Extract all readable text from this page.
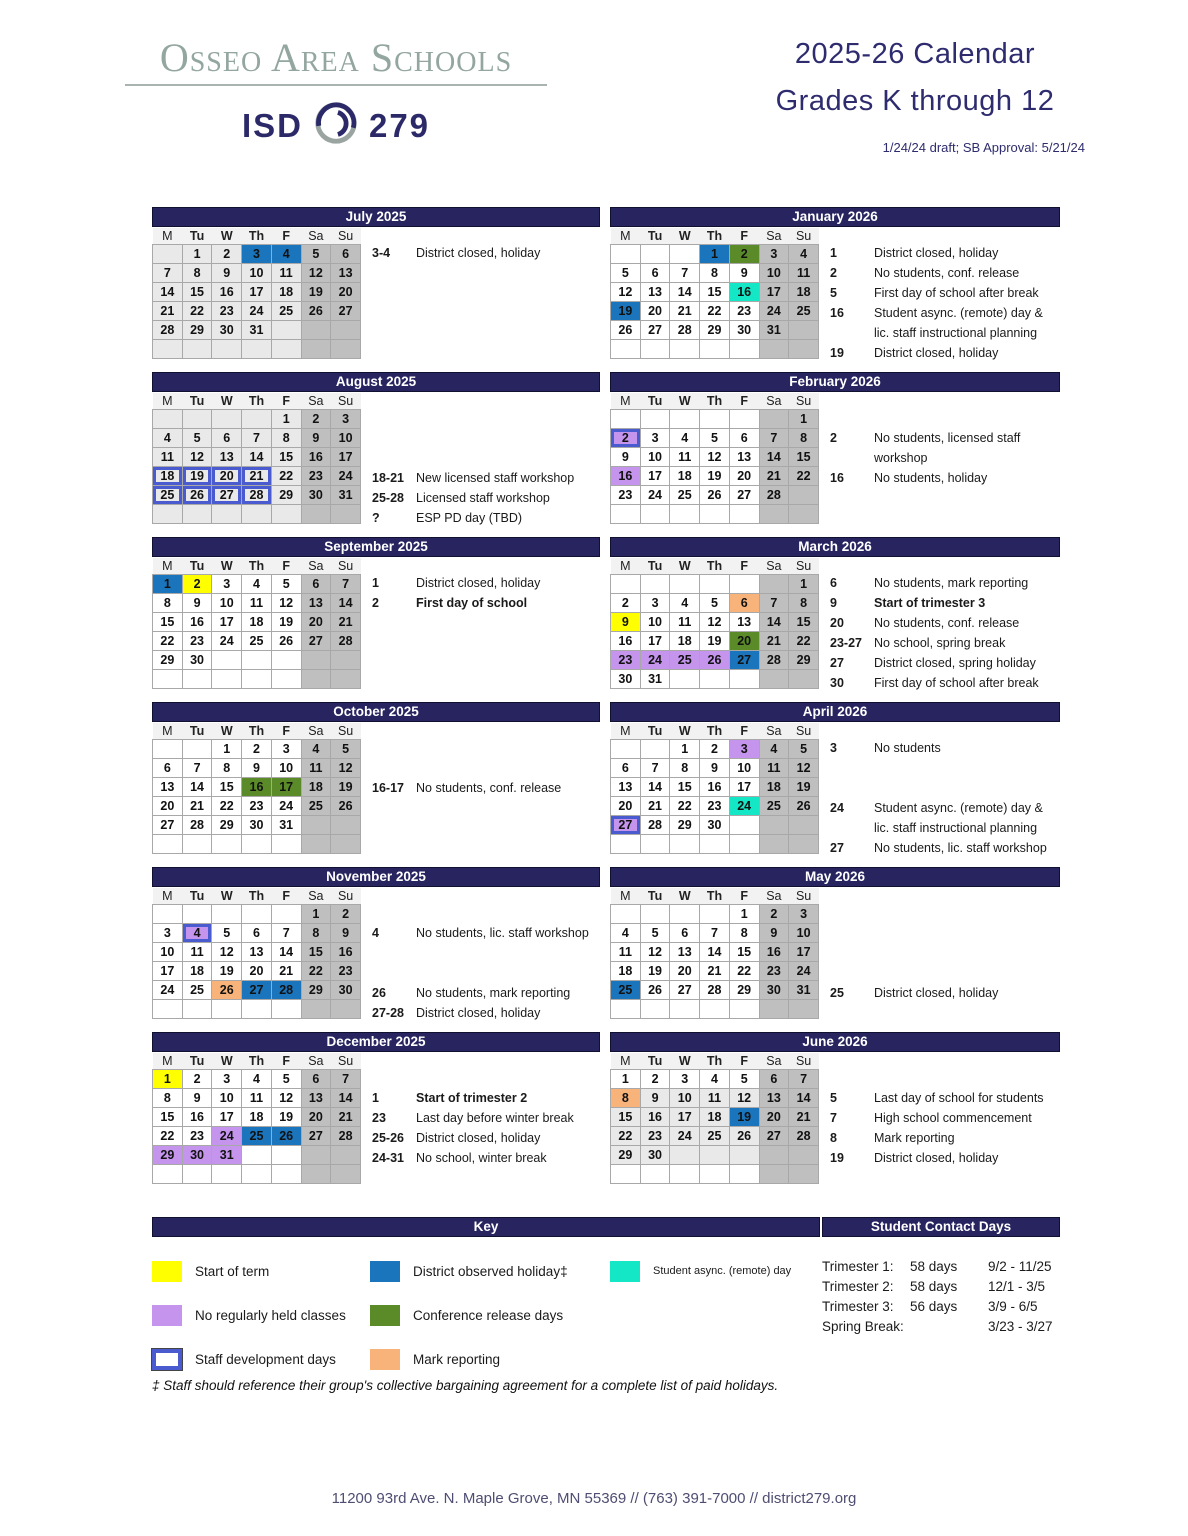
Osseo Area Schools
ISD 279
2025-26 Calendar
Grades K through 12
1/24/24 draft; SB Approval: 5/21/24
July 2025
M	Tu	W	Th	F	Sa	Su
	1	2	3	4	5	6
7	8	9	10	11	12	13
14	15	16	17	18	19	20
21	22	23	24	25	26	27
28	29	30	31			

3-4	District closed, holiday
January 2026
M	Tu	W	Th	F	Sa	Su
			1	2	3	4
5	6	7	8	9	10	11
12	13	14	15	16	17	18
19	20	21	22	23	24	25
26	27	28	29	30	31	

1	District closed, holiday
2	No students, conf. release
5	First day of school after break
16	Student async. (remote) day &
lic. staff instructional planning
19	District closed, holiday
August 2025
M	Tu	W	Th	F	Sa	Su
				1	2	3
4	5	6	7	8	9	10
11	12	13	14	15	16	17
18	19	20	21	22	23	24
25	26	27	28	29	30	31

18-21 New licensed staff workshop
25-28 Licensed staff workshop
?	ESP PD day (TBD)
February 2026
M	Tu	W	Th	F	Sa	Su
						1
2	3	4	5	6	7	8
9	10	11	12	13	14	15
16	17	18	19	20	21	22
23	24	25	26	27	28	

2	No students, licensed staff
workshop
16	No students, holiday
September 2025
M	Tu	W	Th	F	Sa	Su
1	2	3	4	5	6	7
8	9	10	11	12	13	14
15	16	17	18	19	20	21
22	23	24	25	26	27	28
29	30					

1	District closed, holiday
2	First day of school
March 2026
M	Tu	W	Th	F	Sa	Su
						1
2	3	4	5	6	7	8
9	10	11	12	13	14	15
16	17	18	19	20	21	22
23	24	25	26	27	28	29
30	31					
6	No students, mark reporting
9	Start of trimester 3
20	No students, conf. release
23-27 No school, spring break
27	District closed, spring holiday
30	First day of school after break
October 2025
M	Tu	W	Th	F	Sa	Su
		1	2	3	4	5
6	7	8	9	10	11	12
13	14	15	16	17	18	19
20	21	22	23	24	25	26
27	28	29	30	31		

16-17 No students, conf. release
April 2026
M	Tu	W	Th	F	Sa	Su
		1	2	3	4	5
6	7	8	9	10	11	12
13	14	15	16	17	18	19
20	21	22	23	24	25	26
27	28	29	30			

3	No students
24	Student async. (remote) day &
lic. staff instructional planning
27	No students, lic. staff workshop
November 2025
M	Tu	W	Th	F	Sa	Su
					1	2
3	4	5	6	7	8	9
10	11	12	13	14	15	16
17	18	19	20	21	22	23
24	25	26	27	28	29	30

4	No students, lic. staff workshop
26	No students, mark reporting
27-28 District closed, holiday
May 2026
M	Tu	W	Th	F	Sa	Su
				1	2	3
4	5	6	7	8	9	10
11	12	13	14	15	16	17
18	19	20	21	22	23	24
25	26	27	28	29	30	31
						25	District closed, holiday
December 2025
M	Tu	W	Th	F	Sa	Su
1	2	3	4	5	6	7
8	9	10	11	12	13	14
15	16	17	18	19	20	21
22	23	24	25	26	27	28
29	30	31				

1	Start of trimester 2
23	Last day before winter break
25-26 District closed, holiday
24-31 No school, winter break
June 2026
M	Tu	W	Th	F	Sa	Su
1	2	3	4	5	6	7
8	9	10	11	12	13	14
15	16	17	18	19	20	21
22	23	24	25	26	27	28
29	30					

5	Last day of school for students
7	High school commencement
8	Mark reporting
19	District closed, holiday
Key
Start of term	District observed holiday‡	Student async. (remote) day
No regularly held classes	Conference release days
Staff development days	Mark reporting
Student Contact Days
Trimester 1:	58 days	9/2 - 11/25
Trimester 2:	58 days	12/1 - 3/5
Trimester 3:	56 days	3/9 - 6/5
Spring Break:	3/23 - 3/27
‡ Staff should reference their group's collective bargaining agreement for a complete list of paid holidays.
11200 93rd Ave. N. Maple Grove, MN 55369 // (763) 391-7000 // district279.org
